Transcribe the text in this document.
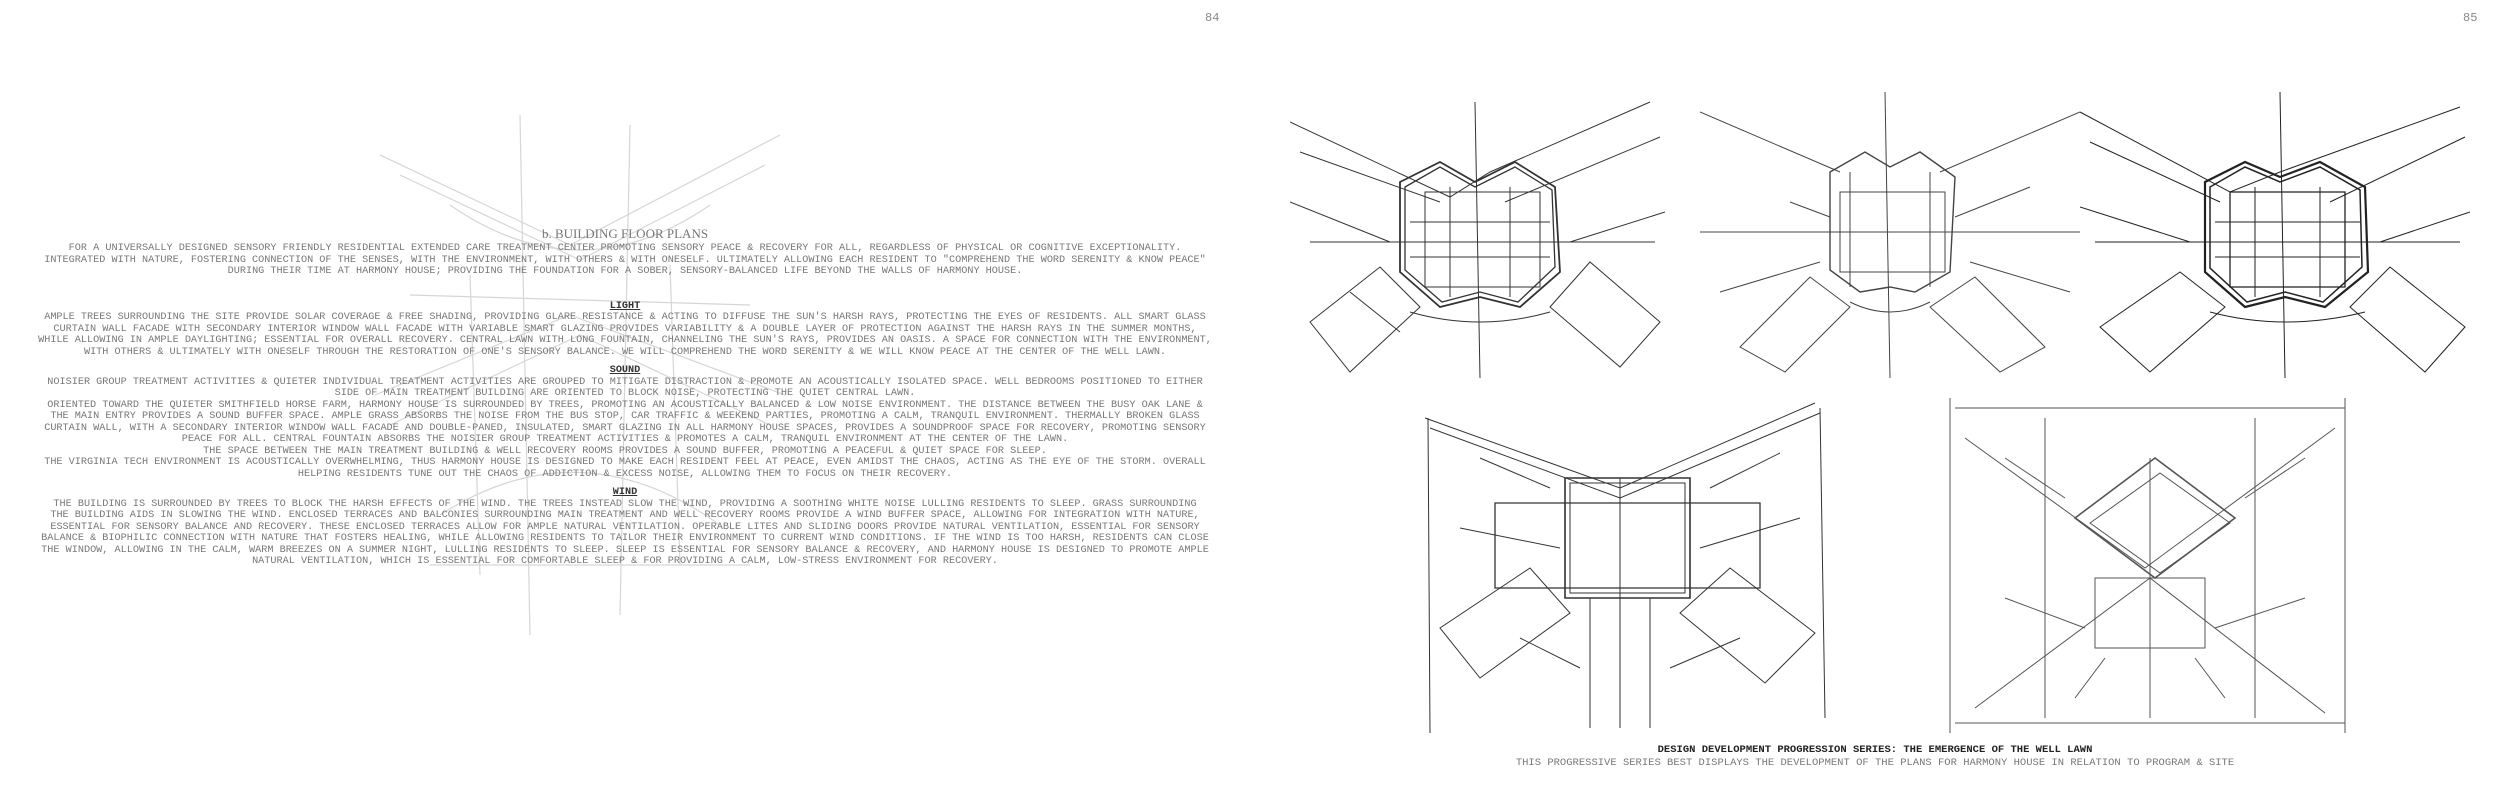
84
b. BUILDING FLOOR PLANS
FOR A UNIVERSALLY DESIGNED SENSORY FRIENDLY RESIDENTIAL EXTENDED CARE TREATMENT CENTER PROMOTING SENSORY PEACE & RECOVERY FOR ALL, REGARDLESS OF PHYSICAL OR COGNITIVE EXCEPTIONALITY.
INTEGRATED WITH NATURE, FOSTERING CONNECTION OF THE SENSES, WITH THE ENVIRONMENT, WITH OTHERS & WITH ONESELF. ULTIMATELY ALLOWING EACH RESIDENT TO "COMPREHEND THE WORD SERENITY & KNOW PEACE"
DURING THEIR TIME AT HARMONY HOUSE; PROVIDING THE FOUNDATION FOR A SOBER, SENSORY-BALANCED LIFE BEYOND THE WALLS OF HARMONY HOUSE.
LIGHT
AMPLE TREES SURROUNDING THE SITE PROVIDE SOLAR COVERAGE & FREE SHADING, PROVIDING GLARE RESISTANCE & ACTING TO DIFFUSE THE SUN'S HARSH RAYS, PROTECTING THE EYES OF RESIDENTS. ALL SMART GLASS
CURTAIN WALL FACADE WITH SECONDARY INTERIOR WINDOW WALL FACADE WITH VARIABLE SMART GLAZING PROVIDES VARIABILITY & A DOUBLE LAYER OF PROTECTION AGAINST THE HARSH RAYS IN THE SUMMER MONTHS,
WHILE ALLOWING IN AMPLE DAYLIGHTING; ESSENTIAL FOR OVERALL RECOVERY. CENTRAL LAWN WITH LONG FOUNTAIN, CHANNELING THE SUN'S RAYS, PROVIDES AN OASIS. A SPACE FOR CONNECTION WITH THE ENVIRONMENT,
WITH OTHERS & ULTIMATELY WITH ONESELF THROUGH THE RESTORATION OF ONE'S SENSORY BALANCE. WE WILL COMPREHEND THE WORD SERENITY & WE WILL KNOW PEACE AT THE CENTER OF THE WELL LAWN.
SOUND
NOISIER GROUP TREATMENT ACTIVITIES & QUIETER INDIVIDUAL TREATMENT ACTIVITIES ARE GROUPED TO MITIGATE DISTRACTION & PROMOTE AN ACOUSTICALLY ISOLATED SPACE. WELL BEDROOMS POSITIONED TO EITHER
SIDE OF MAIN TREATMENT BUILDING ARE ORIENTED TO BLOCK NOISE, PROTECTING THE QUIET CENTRAL LAWN.
ORIENTED TOWARD THE QUIETER SMITHFIELD HORSE FARM, HARMONY HOUSE IS SURROUNDED BY TREES, PROMOTING AN ACOUSTICALLY BALANCED & LOW NOISE ENVIRONMENT. THE DISTANCE BETWEEN THE BUSY OAK LANE &
THE MAIN ENTRY PROVIDES A SOUND BUFFER SPACE. AMPLE GRASS ABSORBS THE NOISE FROM THE BUS STOP, CAR TRAFFIC & WEEKEND PARTIES, PROMOTING A CALM, TRANQUIL ENVIRONMENT. THERMALLY BROKEN GLASS
CURTAIN WALL, WITH A SECONDARY INTERIOR WINDOW WALL FACADE AND DOUBLE-PANED, INSULATED, SMART GLAZING IN ALL HARMONY HOUSE SPACES, PROVIDES A SOUNDPROOF SPACE FOR RECOVERY, PROMOTING SENSORY
PEACE FOR ALL. CENTRAL FOUNTAIN ABSORBS THE NOISIER GROUP TREATMENT ACTIVITIES & PROMOTES A CALM, TRANQUIL ENVIRONMENT AT THE CENTER OF THE LAWN.
THE SPACE BETWEEN THE MAIN TREATMENT BUILDING & WELL RECOVERY ROOMS PROVIDES A SOUND BUFFER, PROMOTING A PEACEFUL & QUIET SPACE FOR SLEEP.
THE VIRGINIA TECH ENVIRONMENT IS ACOUSTICALLY OVERWHELMING, THUS HARMONY HOUSE IS DESIGNED TO MAKE EACH RESIDENT FEEL AT PEACE, EVEN AMIDST THE CHAOS, ACTING AS THE EYE OF THE STORM. OVERALL
HELPING RESIDENTS TUNE OUT THE CHAOS OF ADDICTION & EXCESS NOISE, ALLOWING THEM TO FOCUS ON THEIR RECOVERY.
WIND
THE BUILDING IS SURROUNDED BY TREES TO BLOCK THE HARSH EFFECTS OF THE WIND. THE TREES INSTEAD SLOW THE WIND, PROVIDING A SOOTHING WHITE NOISE LULLING RESIDENTS TO SLEEP. GRASS SURROUNDING
THE BUILDING AIDS IN SLOWING THE WIND. ENCLOSED TERRACES AND BALCONIES SURROUNDING MAIN TREATMENT AND WELL RECOVERY ROOMS PROVIDE A WIND BUFFER SPACE, ALLOWING FOR INTEGRATION WITH NATURE,
ESSENTIAL FOR SENSORY BALANCE AND RECOVERY. THESE ENCLOSED TERRACES ALLOW FOR AMPLE NATURAL VENTILATION. OPERABLE LITES AND SLIDING DOORS PROVIDE NATURAL VENTILATION, ESSENTIAL FOR SENSORY
BALANCE & BIOPHILIC CONNECTION WITH NATURE THAT FOSTERS HEALING, WHILE ALLOWING RESIDENTS TO TAILOR THEIR ENVIRONMENT TO CURRENT WIND CONDITIONS. IF THE WIND IS TOO HARSH, RESIDENTS CAN CLOSE
THE WINDOW, ALLOWING IN THE CALM, WARM BREEZES ON A SUMMER NIGHT, LULLING RESIDENTS TO SLEEP. SLEEP IS ESSENTIAL FOR SENSORY BALANCE & RECOVERY, AND HARMONY HOUSE IS DESIGNED TO PROMOTE AMPLE
NATURAL VENTILATION, WHICH IS ESSENTIAL FOR COMFORTABLE SLEEP & FOR PROVIDING A CALM, LOW-STRESS ENVIRONMENT FOR RECOVERY.
85
DESIGN DEVELOPMENT PROGRESSION SERIES: THE EMERGENCE OF THE WELL LAWN
THIS PROGRESSIVE SERIES BEST DISPLAYS THE DEVELOPMENT OF THE PLANS FOR HARMONY HOUSE IN RELATION TO PROGRAM & SITE
